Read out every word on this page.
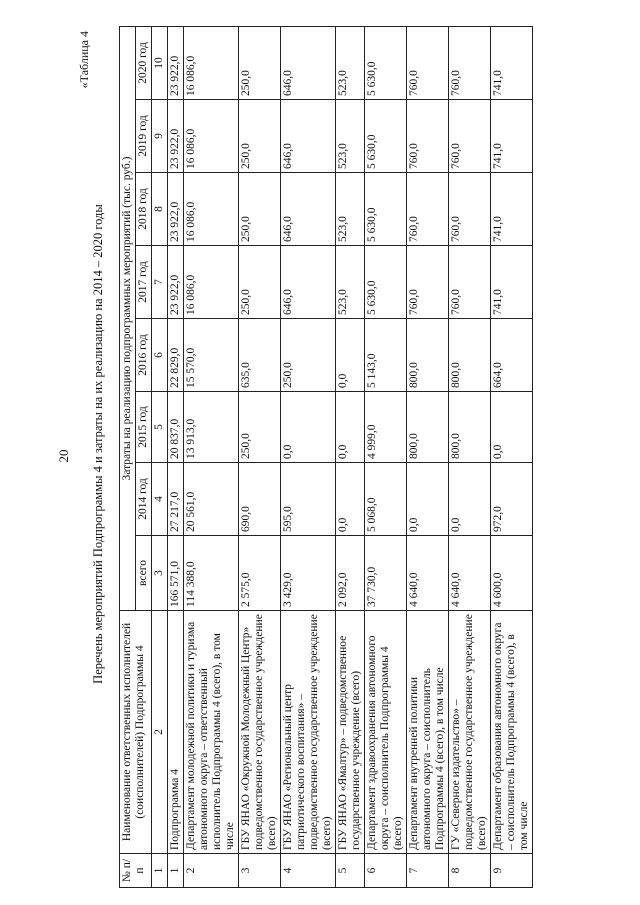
20
«Таблица 4
Перечень мероприятий Подпрограммы 4 и затраты на их реализацию на 2014 – 2020 годы
№ п/п	Наименование ответственных исполнителей (соисполнителей) Подпрограммы 4	Затраты на реализацию подпрограммных мероприятий (тыс. руб.)							
		всего	2014 год	2015 год	2016 год	2017 год	2018 год	2019 год	2020 год
1	2	3	4	5	6	7	8	9	10
1	Подпрограмма 4	166 571,0	27 217,0	20 837,0	22 829,0	23 922,0	23 922,0	23 922,0	23 922,0
2	Департамент молодежной политики и туризма автономного округа – ответственный исполнитель Подпрограммы 4 (всего), в том числе	114 388,0	20 561,0	13 913,0	15 570,0	16 086,0	16 086,0	16 086,0	16 086,0
3	ГБУ ЯНАО «Окружной Молодежный Центр» подведомственное государственное учреждение (всего)	2 575,0	690,0	250,0	635,0	250,0	250,0	250,0	250,0
4	ГБУ ЯНАО «Региональный центр патриотического воспитания» – подведомственное государственное учреждение (всего)	3 429,0	595,0	0,0	250,0	646,0	646,0	646,0	646,0
5	ГБУ ЯНАО «Ямалтур» – подведомственное государственное учреждение (всего)	2 092,0	0,0	0,0	0,0	523,0	523,0	523,0	523,0
6	Департамент здравоохранения автономного округа – соисполнитель Подпрограммы 4 (всего)	37 730,0	5 068,0	4 999,0	5 143,0	5 630,0	5 630,0	5 630,0	5 630,0
7	Департамент внутренней политики автономного округа – соисполнитель Подпрограммы 4 (всего), в том числе	4 640,0	0,0	800,0	800,0	760,0	760,0	760,0	760,0
8	ГУ «Северное издательство» – подведомственное государственное учреждение (всего)	4 640,0	0,0	800,0	800,0	760,0	760,0	760,0	760,0
9	Департамент образования автономного округа – соисполнитель Подпрограммы 4 (всего), в том числе	4 600,0	972,0	0,0	664,0	741,0	741,0	741,0	741,0
